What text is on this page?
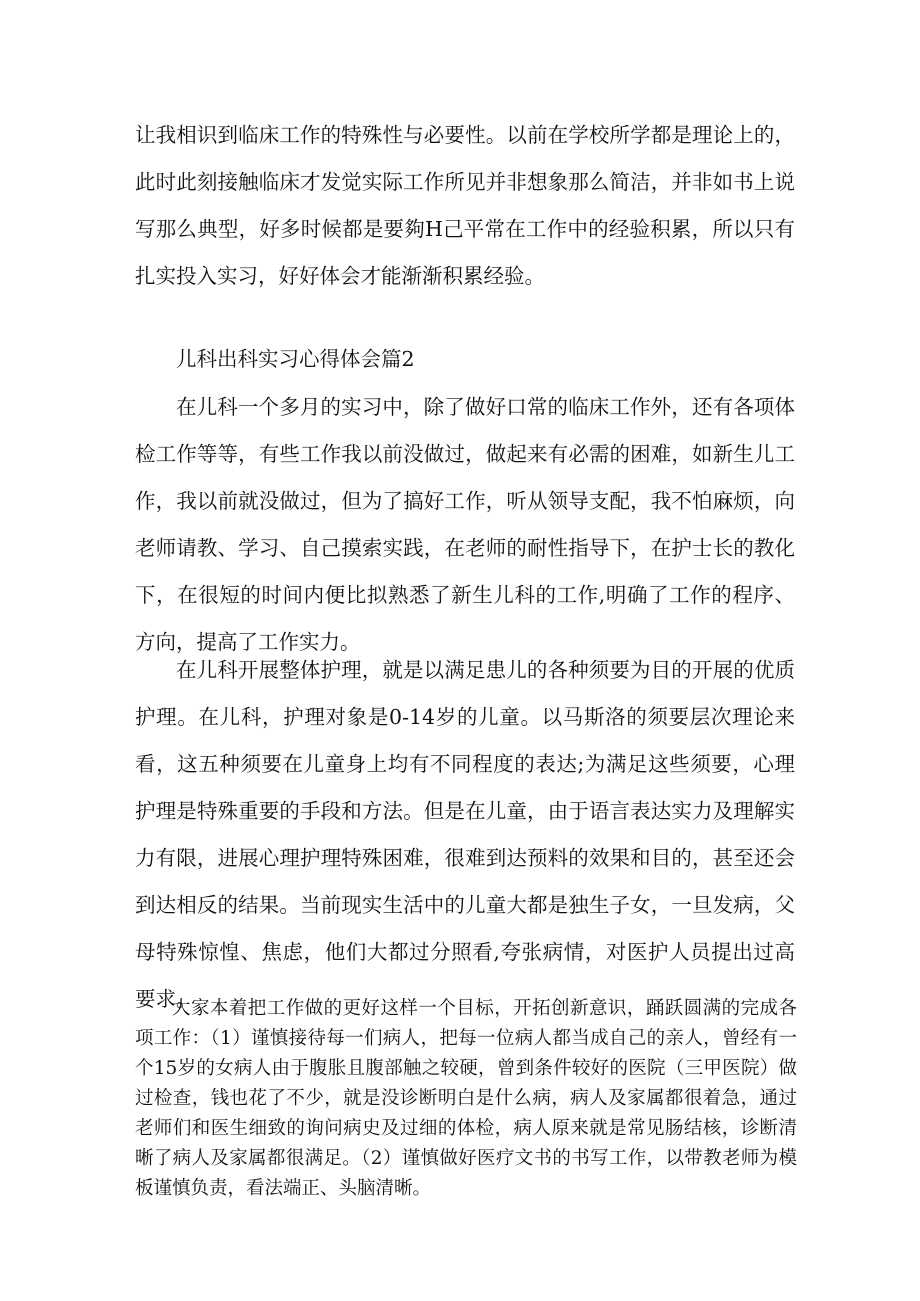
让我相识到临床工作的特殊性与必要性。以前在学校所学都是理论上的，此时此刻接触临床才发觉实际工作所见并非想象那么简洁，并非如书上说写那么典型，好多时候都是要夠H己平常在工作中的经验积累，所以只有扎实投入实习，好好体会才能渐渐积累经验。

儿科出科实习心得体会篇2

在儿科一个多月的实习中，除了做好口常的临床工作外，还有各项体检工作等等，有些工作我以前没做过，做起来有必需的困难，如新生儿工作，我以前就没做过，但为了搞好工作，听从领导支配，我不怕麻烦，向老师请教、学习、自己摸索实践，在老师的耐性指导下，在护士长的教化下，在很短的时间内便比拟熟悉了新生儿科的工作,明确了工作的程序、方向，提高了工作实力。

在儿科开展整体护理，就是以满足患儿的各种须要为目的开展的优质护理。在儿科，护理对象是0-14岁的儿童。以马斯洛的须要层次理论来看，这五种须要在儿童身上均有不同程度的表达;为满足这些须要，心理护理是特殊重要的手段和方法。但是在儿童，由于语言表达实力及理解实力有限，进展心理护理特殊困难，很难到达预料的效果和目的，甚至还会到达相反的结果。当前现实生活中的儿童大都是独生子女，一旦发病，父母特殊惊惶、焦虑，他们大都过分照看,夸张病情，对医护人员提出过高要求。

大家本着把工作做的更好这样一个目标，开拓创新意识，踊跃圆满的完成各项工作：（1）谨慎接待每一们病人，把每一位病人都当成自己的亲人，曾经有一个15岁的女病人由于腹胀且腹部触之较硬，曾到条件较好的医院（三甲医院）做过检查，钱也花了不少，就是没诊断明白是什么病，病人及家属都很着急，通过老师们和医生细致的询问病史及过细的体检，病人原来就是常见肠结核，诊断清晰了病人及家属都很满足。（2）谨慎做好医疗文书的书写工作，以带教老师为模板谨慎负责，看法端正、头脑清晰。
